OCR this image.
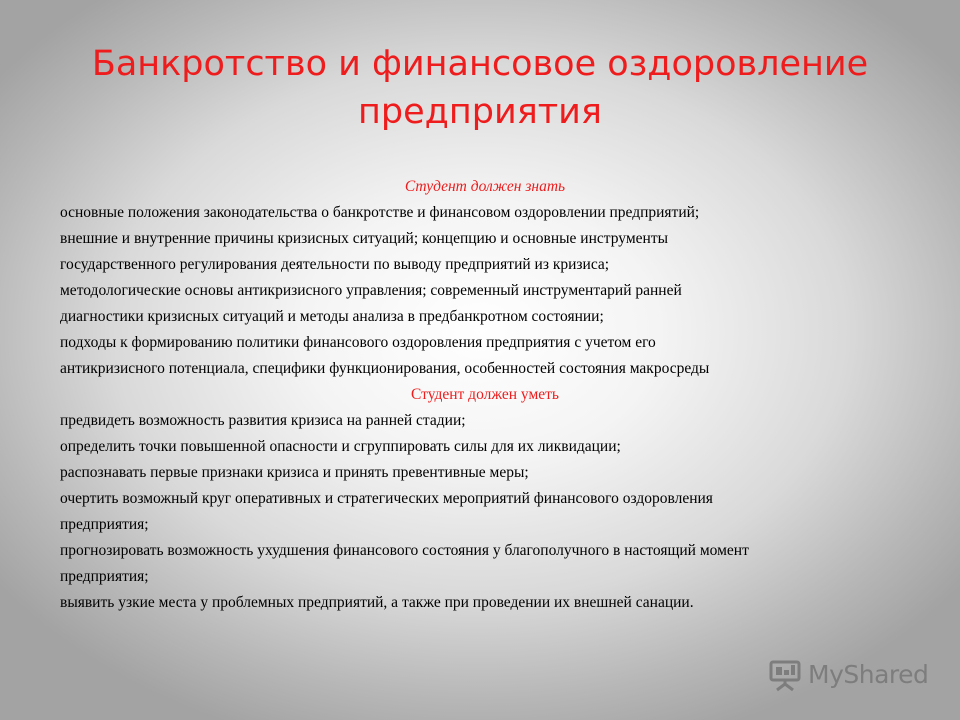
Банкротство и финансовое оздоровление предприятия

Студент должен знать

основные положения законодательства о банкротстве и финансовом оздоровлении предприятий;

внешние и внутренние причины кризисных ситуаций; концепцию и основные инструменты

государственного регулирования деятельности по выводу предприятий из кризиса;

методологические основы антикризисного управления; современный инструментарий ранней

диагностики кризисных ситуаций и методы анализа в предбанкротном состоянии;

подходы к формированию политики финансового оздоровления предприятия с учетом его

антикризисного потенциала, специфики функционирования, особенностей состояния макросреды

Студент должен уметь

предвидеть возможность развития кризиса на ранней стадии;

определить точки повышенной опасности и сгруппировать силы для их ликвидации;

распознавать первые признаки кризиса и принять превентивные меры;

очертить возможный круг оперативных и стратегических мероприятий финансового оздоровления

предприятия;

прогнозировать возможность ухудшения финансового состояния у благополучного в настоящий момент

предприятия;

выявить узкие места у проблемных предприятий, а также при проведении их внешней санации.

MyShared
